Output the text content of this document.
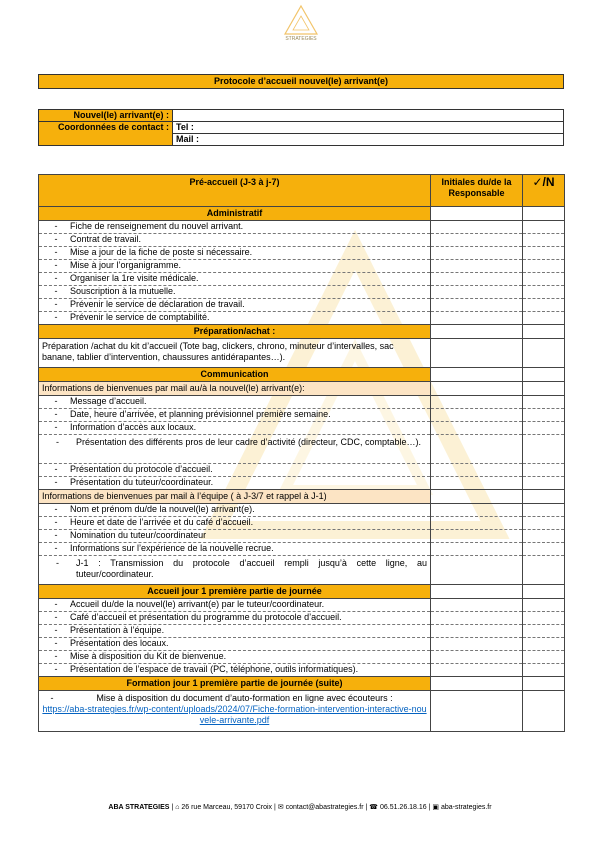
STRATEGIES
Protocole d’accueil nouvel(le) arrivant(e)
Nouvel(le) arrivant(e) :	
Coordonnées de contact :	Tel :
	Mail :
Pré-accueil (J-3 à j-7)	Initiales du/de la Responsable	✓/N
Administratif		
- Fiche de renseignement du nouvel arrivant.		
- Contrat de travail.		
- Mise a jour de la fiche de poste si nécessaire.		
- Mise à jour l’organigramme.		
- Organiser la 1re visite médicale.		
- Souscription à la mutuelle.		
- Prévenir le service de déclaration de travail.		
- Prévenir le service de comptabilité.		
Préparation/achat :		
Préparation /achat du kit d’accueil (Tote bag, clickers, chrono, minuteur d’intervalles, sac banane, tablier d’intervention, chaussures antidérapantes…).		
Communication		
Informations de bienvenues par mail au/à la nouvel(le) arrivant(e):		
- Message d’accueil.		
- Date, heure d’arrivée, et planning prévisionnel première semaine.		
- Information d’accès aux locaux.		
- Présentation des différents pros de leur cadre d’activité (directeur, CDC, comptable…).		
- Présentation du protocole d’accueil.		
- Présentation du tuteur/coordinateur.		
Informations de bienvenues par mail à l’équipe ( à J-3/7 et rappel à J-1)		
- Nom et prénom du/de la nouvel(le) arrivant(e).		
- Heure et date de l’arrivée et du café d’accueil.		
- Nomination du tuteur/coordinateur		
- Informations sur l’expérience de la nouvelle recrue.		
- J-1 : Transmission du protocole d’accueil rempli jusqu’à cette ligne, au tuteur/coordinateur.		
Accueil jour 1 première partie de journée		
- Accueil du/de la nouvel(le) arrivant(e) par le tuteur/coordinateur.		
- Café d’accueil et présentation du programme du protocole d’accueil.		
- Présentation à l’équipe.		
- Présentation des locaux.		
- Mise à disposition du Kit de bienvenue.		
- Présentation de l’espace de travail (PC, téléphone, outils informatiques).		
Formation jour 1 première partie de journée (suite)		

- Mise à disposition du document d’auto-formation en ligne avec écouteurs :
https://aba-strategies.fr/wp-content/uploads/2024/07/Fiche-formation-intervention-interactive-nouvele-arrivante.pdf		
ABA STRATEGIES | ⌂ 26 rue Marceau, 59170 Croix | ✉ contact@abastrategies.fr | ☎ 06.51.26.18.16 | ▣ aba-strategies.fr
